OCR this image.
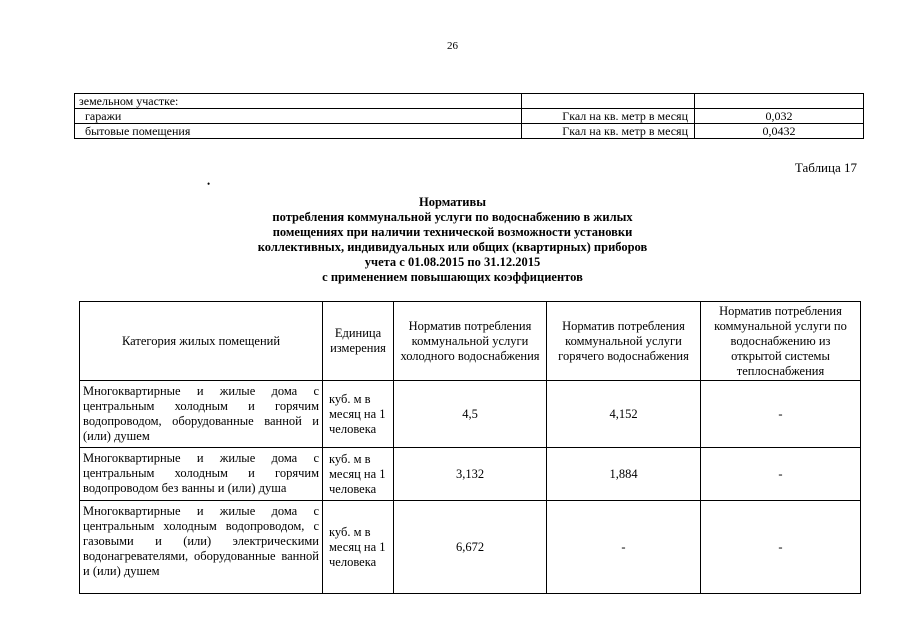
26
земельном участке:		
гаражи	Гкал на кв. метр в месяц	0,032
бытовые помещения	Гкал на кв. метр в месяц	0,0432
Таблица 17
•
Нормативы
потребления коммунальной услуги по водоснабжению в жилых
помещениях при наличии технической возможности установки
коллективных, индивидуальных или общих (квартирных) приборов
учета с 01.08.2015 по 31.12.2015
с применением повышающих коэффициентов
Категория жилых помещений	Единица измерения	Норматив потребления коммунальной услуги холодного водоснабжения	Норматив потребления коммунальной услуги горячего водоснабжения	Норматив потребления коммунальной услуги по водоснабжению из открытой системы теплоснабжения
Многоквартирные и жилые дома с центральным холодным и горячим водопроводом, оборудованные ванной и (или) душем	куб. м в месяц на 1 человека	4,5	4,152	-
Многоквартирные и жилые дома с центральным холодным и горячим водопроводом без ванны и (или) душа	куб. м в месяц на 1 человека	3,132	1,884	-
Многоквартирные и жилые дома с центральным холодным водопроводом, с газовыми и (или) электрическими водонагревателями, оборудованные ванной и (или) душем	куб. м в месяц на 1 человека	6,672	-	-
